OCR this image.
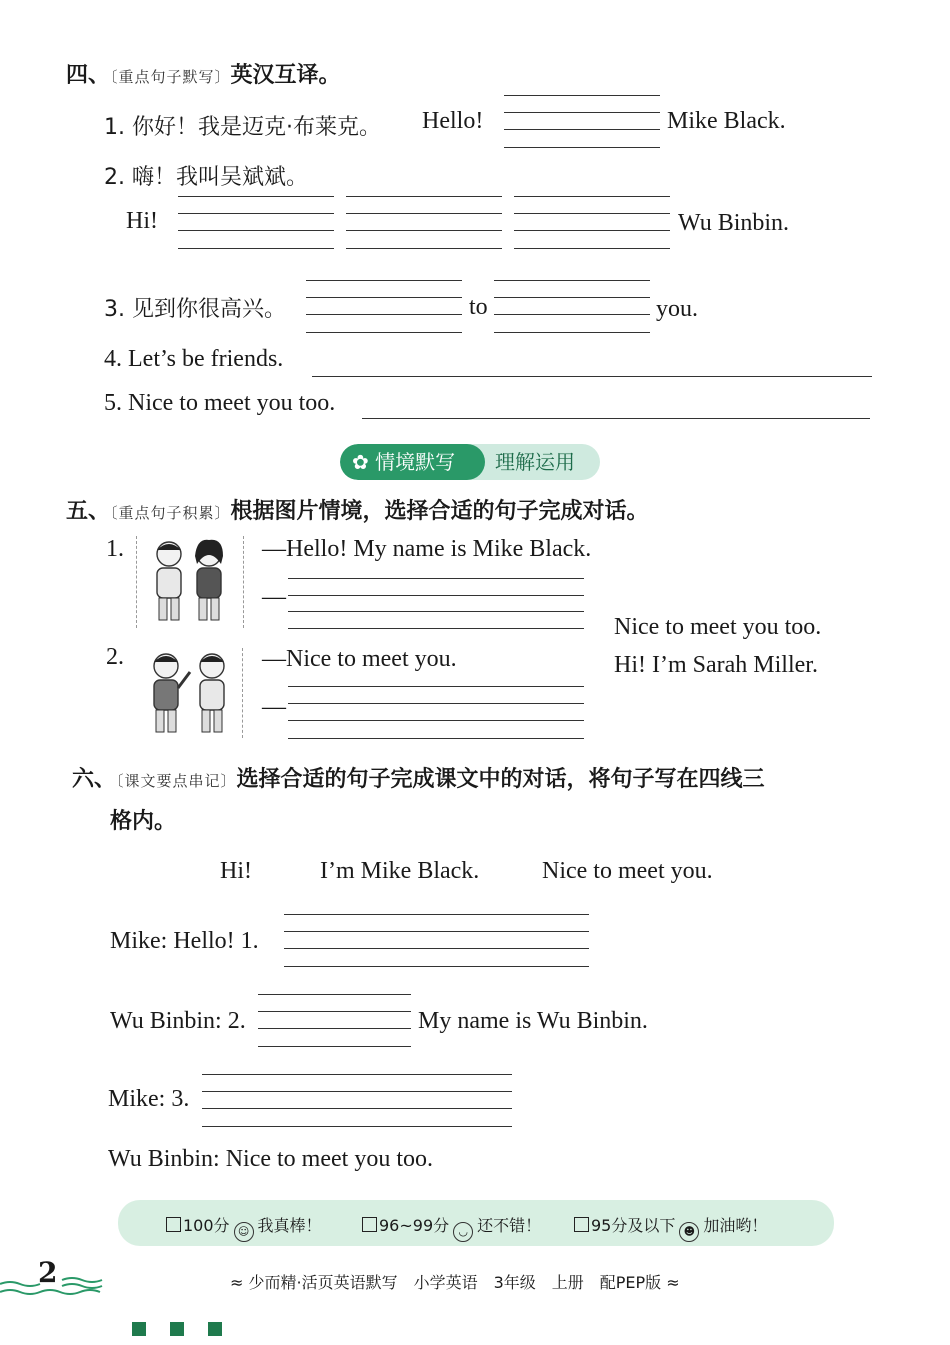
四、〔重点句子默写〕英汉互译。
1. 你好！我是迈克·布莱克。 Hello!	Mike Black.
2. 嗨！我叫吴斌斌。
Hi!	Wu Binbin.
3. 见到你很高兴。	to	you.
4. Let’s be friends.
5. Nice to meet you too.
✿ 情境默写	理解运用
五、〔重点句子积累〕根据图片情境，选择合适的句子完成对话。
1.	—Hello! My name is Mike Black.
—
2.	—Nice to meet you.
—
Nice to meet you too.
Hi! I’m Sarah Miller.
六、〔课文要点串记〕选择合适的句子完成课文中的对话，将句子写在四线三
格内。
Hi!	I’m Mike Black.	Nice to meet you.
Mike: Hello! 1.
Wu Binbin: 2.	My name is Wu Binbin.
Mike: 3.
Wu Binbin: Nice to meet you too.
100分 ☺ 我真棒！	96~99分 ◡ 还不错！	95分及以下 ☻ 加油哟！
2	≈ 少而精·活页英语默写　小学英语　3年级　上册　配PEP版 ≈
